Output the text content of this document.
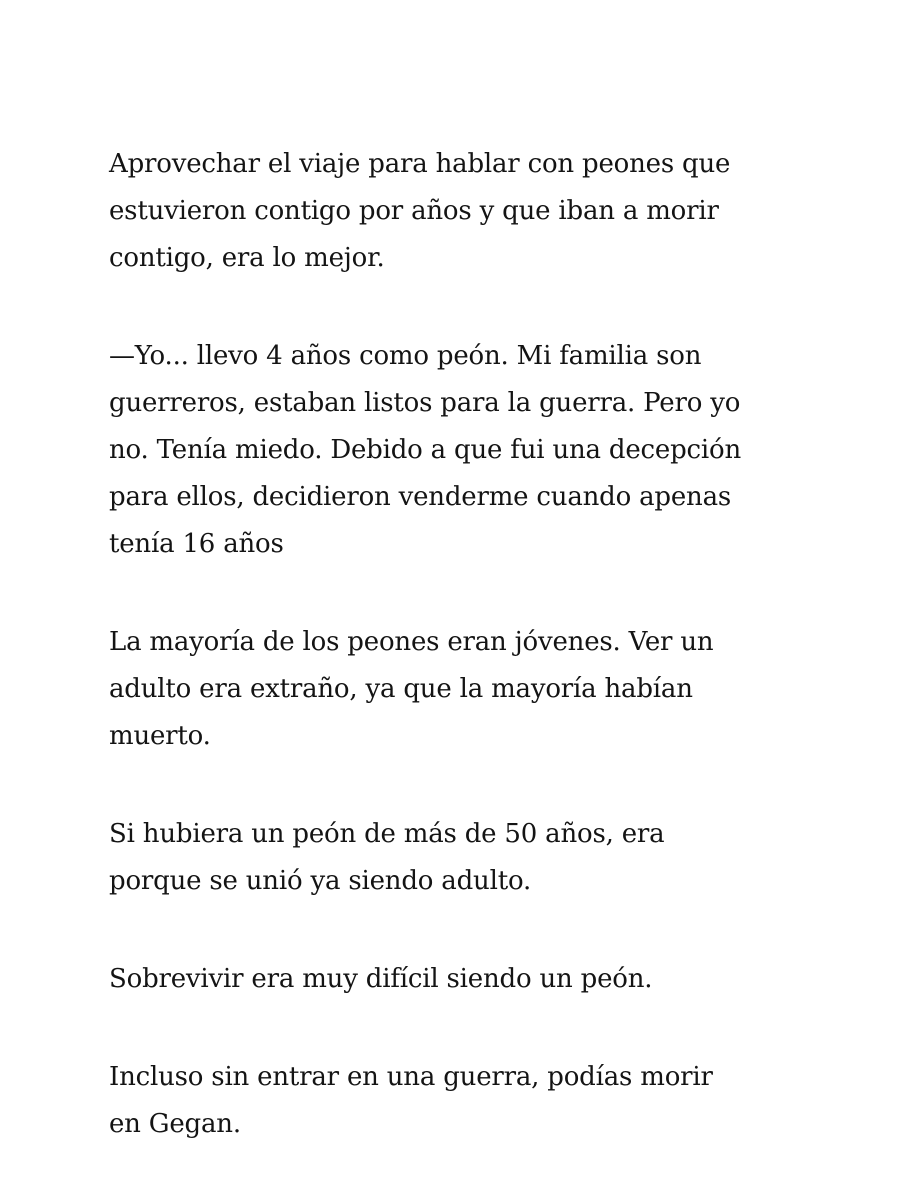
Aprovechar el viaje para hablar con peones que
estuvieron contigo por años y que iban a morir
contigo, era lo mejor.

—Yo... llevo 4 años como peón. Mi familia son
guerreros, estaban listos para la guerra. Pero yo
no. Tenía miedo. Debido a que fui una decepción
para ellos, decidieron venderme cuando apenas
tenía 16 años

La mayoría de los peones eran jóvenes. Ver un
adulto era extraño, ya que la mayoría habían
muerto.

Si hubiera un peón de más de 50 años, era
porque se unió ya siendo adulto.

Sobrevivir era muy difícil siendo un peón.

Incluso sin entrar en una guerra, podías morir
en Gegan.
